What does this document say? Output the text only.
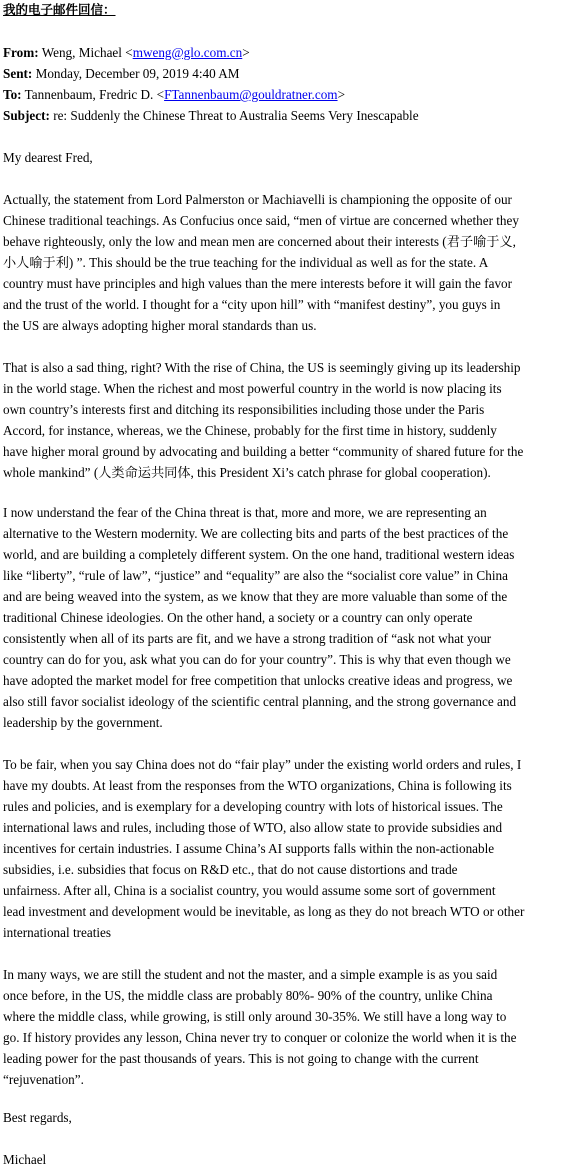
我的电子邮件回信：
From: Weng, Michael <mweng@glo.com.cn>
Sent: Monday, December 09, 2019 4:40 AM
To: Tannenbaum, Fredric D. <FTannenbaum@gouldratner.com>
Subject: re: Suddenly the Chinese Threat to Australia Seems Very Inescapable
My dearest Fred,
Actually, the statement from Lord Palmerston or Machiavelli is championing the opposite of our
Chinese traditional teachings. As Confucius once said, “men of virtue are concerned whether they
behave righteously, only the low and mean men are concerned about their interests (君子喻于义,
小人喻于利) ”. This should be the true teaching for the individual as well as for the state. A
country must have principles and high values than the mere interests before it will gain the favor
and the trust of the world. I thought for a “city upon hill” with “manifest destiny”, you guys in
the US are always adopting higher moral standards than us.
That is also a sad thing, right? With the rise of China, the US is seemingly giving up its leadership
in the world stage. When the richest and most powerful country in the world is now placing its
own country’s interests first and ditching its responsibilities including those under the Paris
Accord, for instance, whereas, we the Chinese, probably for the first time in history, suddenly
have higher moral ground by advocating and building a better “community of shared future for the
whole mankind” (人类命运共同体, this President Xi’s catch phrase for global cooperation).
I now understand the fear of the China threat is that, more and more, we are representing an
alternative to the Western modernity. We are collecting bits and parts of the best practices of the
world, and are building a completely different system. On the one hand, traditional western ideas
like “liberty”, “rule of law”, “justice” and “equality” are also the “socialist core value” in China
and are being weaved into the system, as we know that they are more valuable than some of the
traditional Chinese ideologies. On the other hand, a society or a country can only operate
consistently when all of its parts are fit, and we have a strong tradition of “ask not what your
country can do for you, ask what you can do for your country”. This is why that even though we
have adopted the market model for free competition that unlocks creative ideas and progress, we
also still favor socialist ideology of the scientific central planning, and the strong governance and
leadership by the government.
To be fair, when you say China does not do “fair play” under the existing world orders and rules, I
have my doubts. At least from the responses from the WTO organizations, China is following its
rules and policies, and is exemplary for a developing country with lots of historical issues. The
international laws and rules, including those of WTO, also allow state to provide subsidies and
incentives for certain industries. I assume China’s AI supports falls within the non-actionable
subsidies, i.e. subsidies that focus on R&D etc., that do not cause distortions and trade
unfairness. After all, China is a socialist country, you would assume some sort of government
lead investment and development would be inevitable, as long as they do not breach WTO or other
international treaties
In many ways, we are still the student and not the master, and a simple example is as you said
once before, in the US, the middle class are probably 80%- 90% of the country, unlike China
where the middle class, while growing, is still only around 30-35%. We still have a long way to
go. If history provides any lesson, China never try to conquer or colonize the world when it is the
leading power for the past thousands of years. This is not going to change with the current
“rejuvenation”.
Best regards,
Michael
